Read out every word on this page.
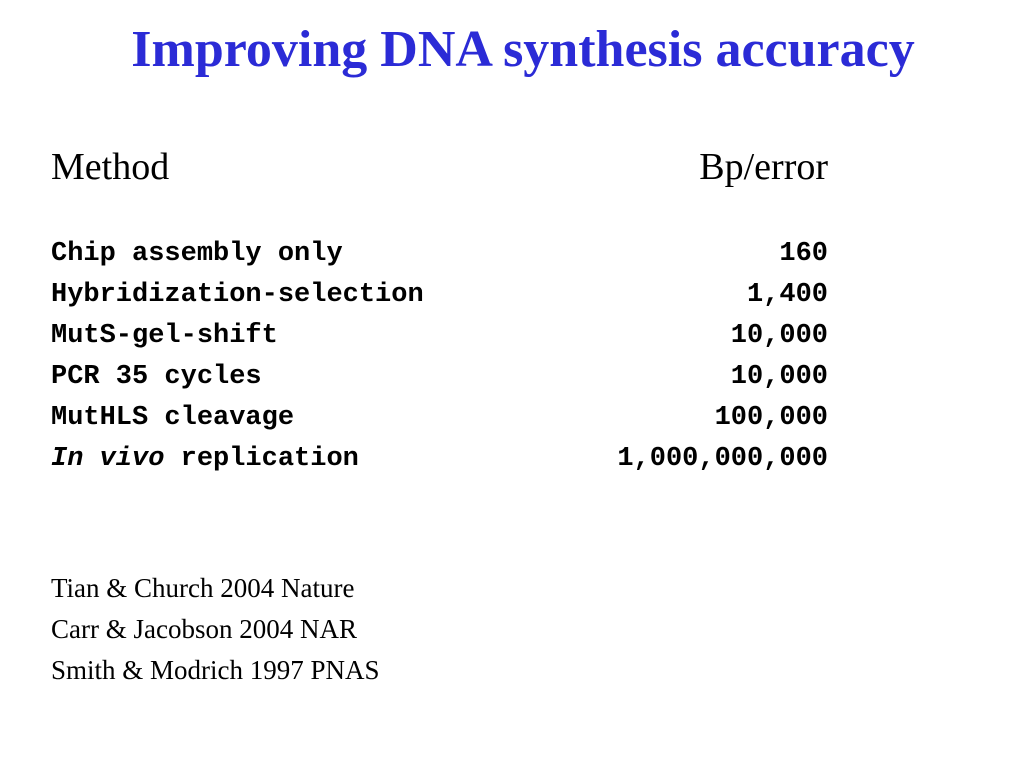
Improving DNA synthesis accuracy
Method	Bp/error
Chip assembly only	160
Hybridization-selection	1,400
MutS-gel-shift	10,000
PCR 35 cycles	10,000
MutHLS cleavage	100,000
In vivo replication	1,000,000,000
Tian & Church 2004 Nature
Carr & Jacobson 2004 NAR
Smith & Modrich 1997 PNAS
